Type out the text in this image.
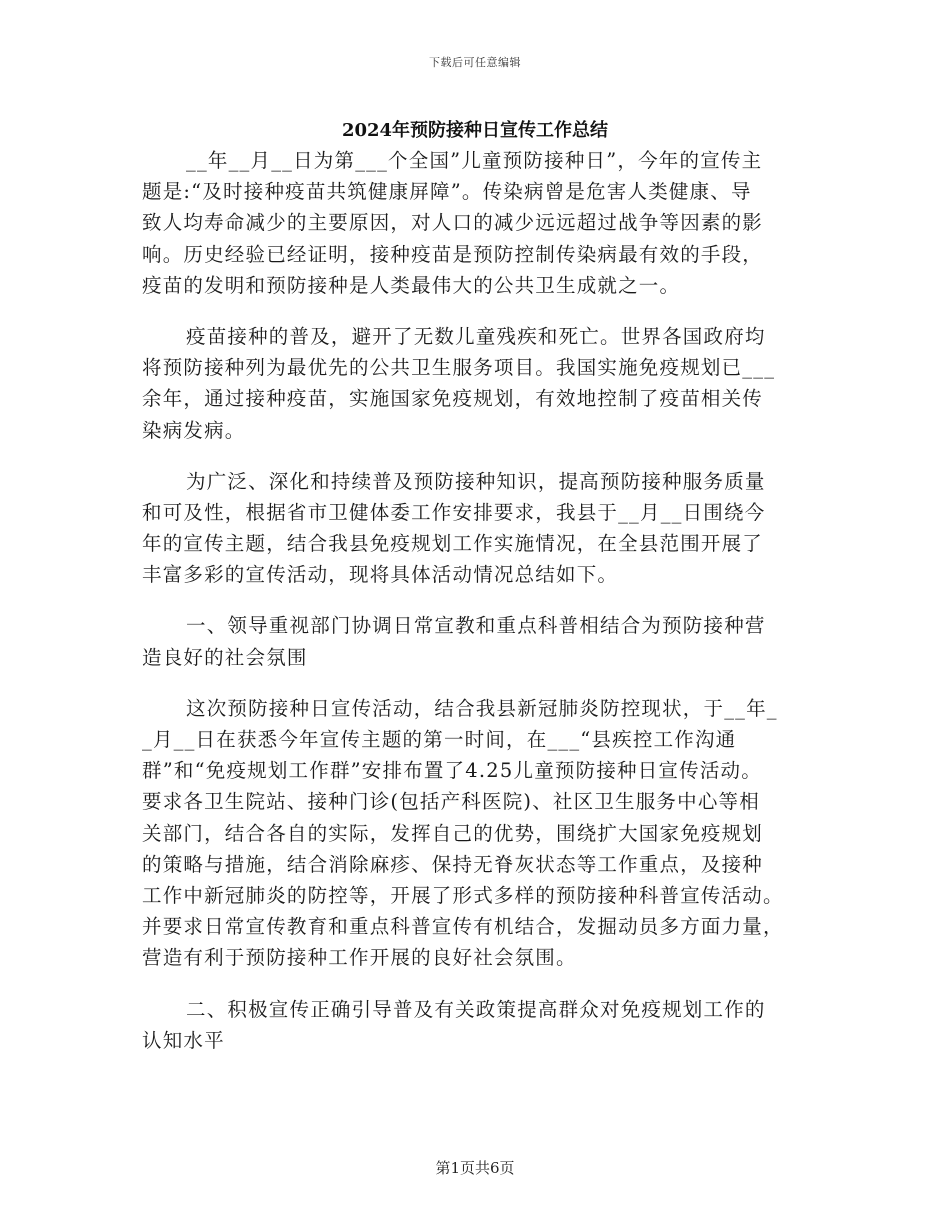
下载后可任意编辑
2024年预防接种日宣传工作总结
__年__月__日为第___个全国”儿童预防接种日”，今年的宣传主
题是:“及时接种疫苗共筑健康屏障”。传染病曾是危害人类健康、导
致人均寿命减少的主要原因，对人口的减少远远超过战争等因素的影
响。历史经验已经证明，接种疫苗是预防控制传染病最有效的手段，
疫苗的发明和预防接种是人类最伟大的公共卫生成就之一。
疫苗接种的普及，避开了无数儿童残疾和死亡。世界各国政府均
将预防接种列为最优先的公共卫生服务项目。我国实施免疫规划已___
余年，通过接种疫苗，实施国家免疫规划，有效地控制了疫苗相关传
染病发病。
为广泛、深化和持续普及预防接种知识，提高预防接种服务质量
和可及性，根据省市卫健体委工作安排要求，我县于__月__日围绕今
年的宣传主题，结合我县免疫规划工作实施情况，在全县范围开展了
丰富多彩的宣传活动，现将具体活动情况总结如下。
一、领导重视部门协调日常宣教和重点科普相结合为预防接种营
造良好的社会氛围
这次预防接种日宣传活动，结合我县新冠肺炎防控现状，于__年_
_月__日在获悉今年宣传主题的第一时间，在___“县疾控工作沟通
群”和“免疫规划工作群”安排布置了4.25儿童预防接种日宣传活动。
要求各卫生院站、接种门诊(包括产科医院)、社区卫生服务中心等相
关部门，结合各自的实际，发挥自己的优势，围绕扩大国家免疫规划
的策略与措施，结合消除麻疹、保持无脊灰状态等工作重点，及接种
工作中新冠肺炎的防控等，开展了形式多样的预防接种科普宣传活动。
并要求日常宣传教育和重点科普宣传有机结合，发掘动员多方面力量，
营造有利于预防接种工作开展的良好社会氛围。
二、积极宣传正确引导普及有关政策提高群众对免疫规划工作的
认知水平
第1页共6页
